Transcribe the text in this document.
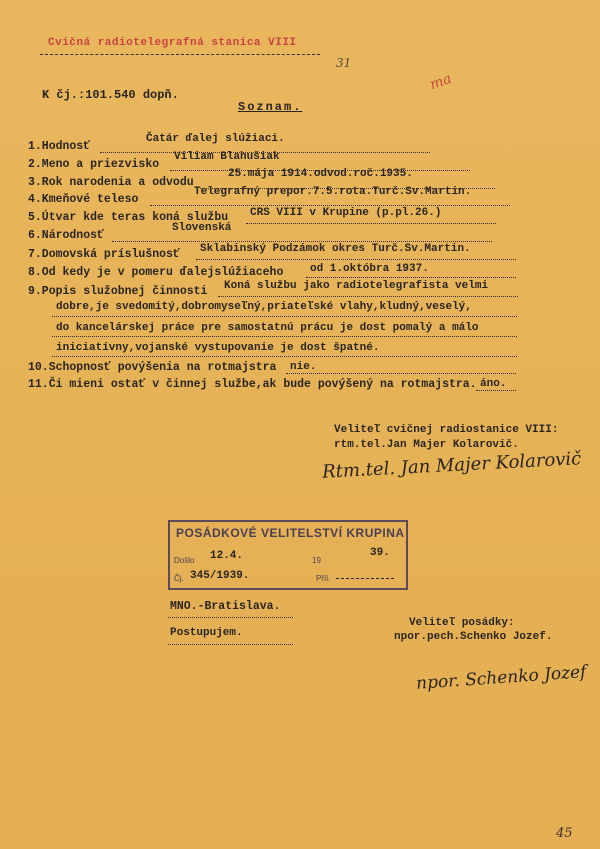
Cvičná radiotelegrafná stanica VIII
31
ma
K čj.:101.540 dopň.
Soznam.
1.Hodnosť
Čatár ďalej slúžiaci.
2.Meno a priezvisko
Viliam Blahušiak
3.Rok narodenia a odvodu
25.mája 1914.odvod.roč.1935.
4.Kmeňové teleso
Telegrafný prepor.7.5.rota.Turč.Sv.Martin.
5.Útvar kde teras koná službu CRS VIII v Krupine (p.pl.26.)
6.Národnosť
Slovenská
7.Domovská príslušnosť Sklabinský Podzámok okres Turč.Sv.Martin.
8.Od kedy je v pomeru ďalejslúžiaceho od 1.októbra 1937.
9.Popis služobnej činnosti Koná službu jako radiotelegrafista velmi
dobre,je svedomitý,dobromyseľný,priateľské vlahy,kludný,veselý,
do kancelárskej práce pre samostatnú prácu je dost pomalý a málo
iniciatívny,vojanské vystupovanie je dost špatné.
10.Schopnosť povýšenia na rotmajstra nie.
11.Či mieni ostať v činnej službe,ak bude povýšený na rotmajstra. áno.
Veliteľ cvičnej radiostanice VIII:
rtm.tel.Jan Majer Kolarovič.
Rtm.tel. Jan Majer Kolarovič
POSÁDKOVÉ VELITELSTVÍ KRUPINA
Došlo 12.4.	19
39.
Čj. 345/1939.	Příl.
MNO.-Bratislava.
Postupujem.
Veliteľ posádky:
npor.pech.Schenko Jozef.
npor. Schenko Jozef
45
